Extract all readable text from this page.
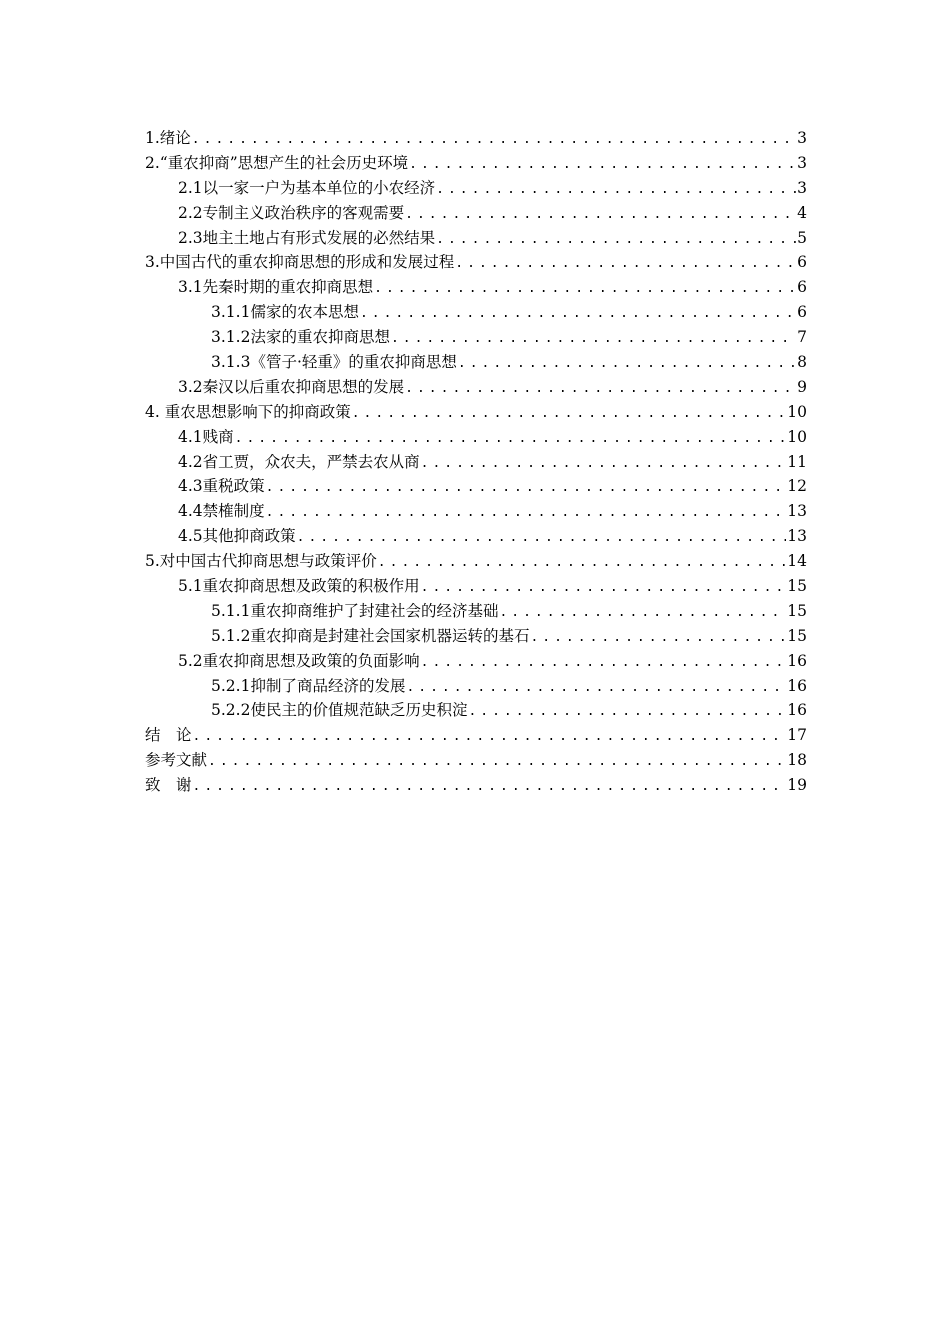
1.绪论 .....	3
2.“重农抑商”思想产生的社会历史环境 .....	3
2.1以一家一户为基本单位的小农经济 .....	3
2.2专制主义政治秩序的客观需要 .....	4
2.3地主土地占有形式发展的必然结果 .....	5
3.中国古代的重农抑商思想的形成和发展过程 .....	6
3.1先秦时期的重农抑商思想 .....	6
3.1.1儒家的农本思想 .....	6
3.1.2法家的重农抑商思想 .....	7
3.1.3《管子·轻重》的重农抑商思想 .....	8
3.2秦汉以后重农抑商思想的发展 .....	9
4. 重农思想影响下的抑商政策 .....	10
4.1贱商 .....	10
4.2省工贾，众农夫，严禁去农从商 .....	11
4.3重税政策 .....	12
4.4禁榷制度 .....	13
4.5其他抑商政策 .....	13
5.对中国古代抑商思想与政策评价 .....	14
5.1重农抑商思想及政策的积极作用 .....	15
5.1.1重农抑商维护了封建社会的经济基础 .....	15
5.1.2重农抑商是封建社会国家机器运转的基石 .....	15
5.2重农抑商思想及政策的负面影响 .....	16
5.2.1抑制了商品经济的发展 .....	16
5.2.2使民主的价值规范缺乏历史积淀 .....	16
结　论 .....	17
参考文献 .....	18
致　谢 .....	19
